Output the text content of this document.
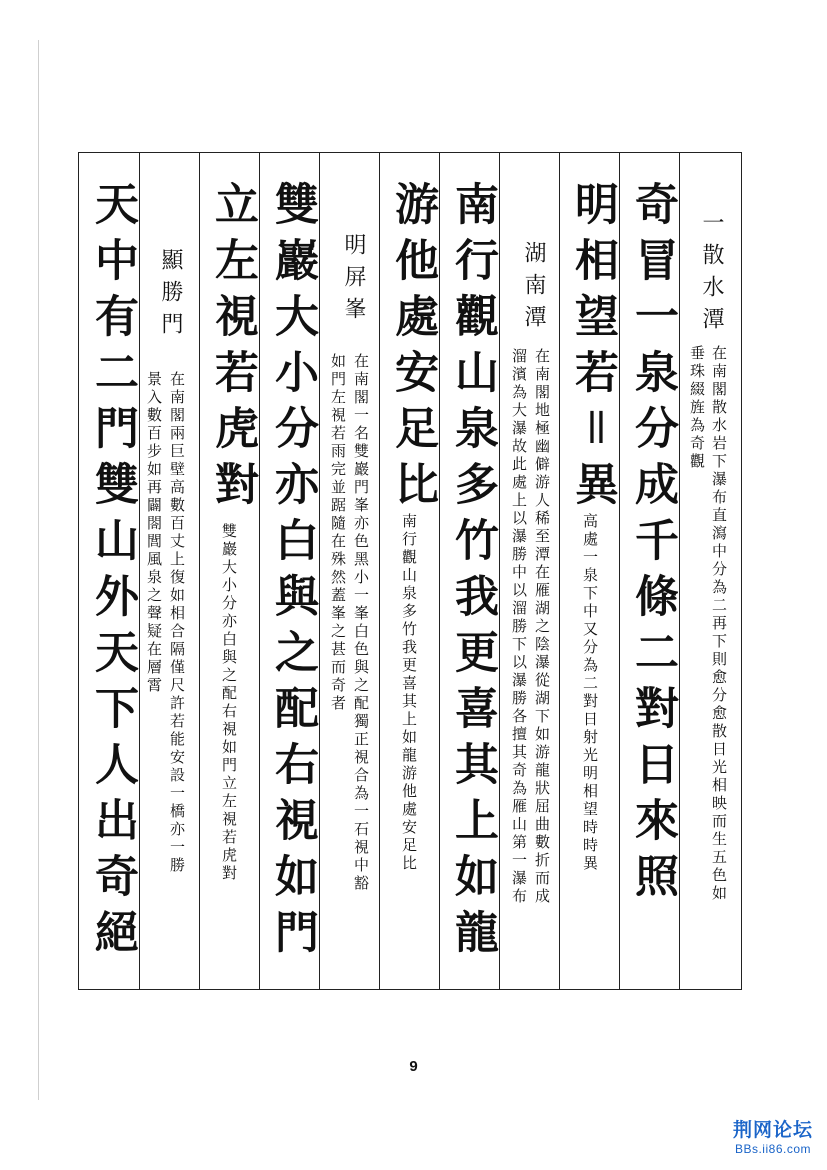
天中有二門雙山外天下人出奇絕 顯勝門
在南閣兩巨壁高數百丈上復如相合隔僅尺許若能安設一橋亦一勝
景入數百步如再闢閤閭風泉之聲疑在層霄
立左視若虎對
雙巖大小分亦白與之配右視如門立左視若虎對 雙巖大小分亦白與之配右視如門 明屏峯
在南閣一名雙巖門峯亦色黑小一峯白色與之配獨正視合為一石視中豁
如門左視若雨完並踞隨在殊然蓋峯之甚而奇者
游他處安足比
南行觀山泉多竹我更喜其上如龍游他處安足比 南行觀山泉多竹我更喜其上如龍 湖南潭
在南閣地極幽僻游人稀至潭在雁湖之陰瀑從湖下如游龍狀屈曲數折而成
溜濱為大瀑故此處上以瀑勝中以溜勝下以瀑勝各擅其奇為雁山第一瀑布 明相望若＝異
高處一泉下中又分為二對日射光明相望時時異 奇冒一泉分成千條二對日來照 一散水潭
在南閣散水岩下瀑布直瀉中分為二再下則愈分愈散日光相映而生五色如
垂珠綴旌為奇觀
9
荆网论坛
BBs.ii86.com
